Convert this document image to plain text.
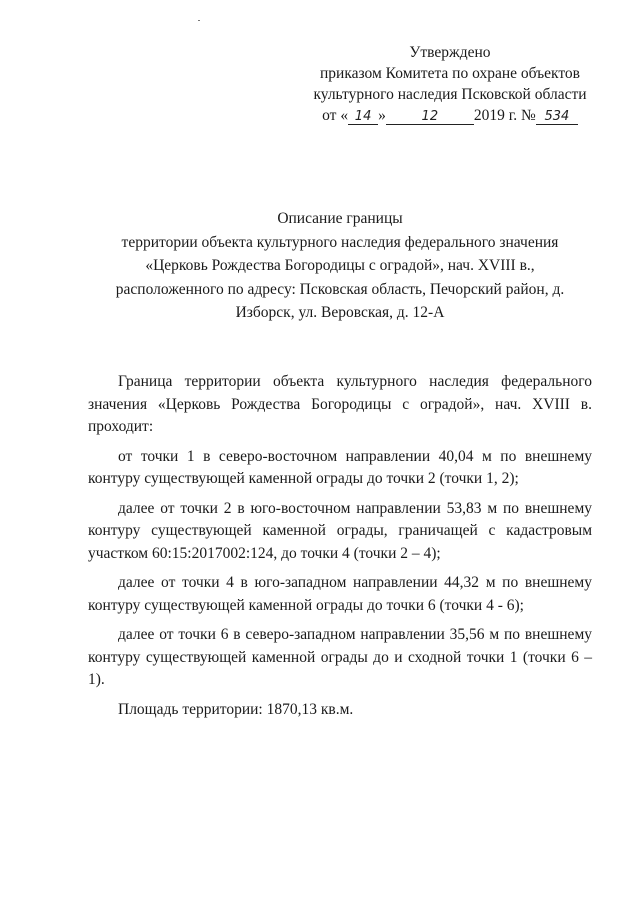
Утверждено
приказом Комитета по охране объектов
культурного наследия Псковской области
от « 14 »	12 2019 г. № 534
Описание границы
территории объекта культурного наследия федерального значения
«Церковь Рождества Богородицы с оградой», нач. XVIII в.,
расположенного по адресу: Псковская область, Печорский район, д.
Изборск, ул. Веровская, д. 12-А

Граница территории объекта культурного наследия федерального значения «Церковь Рождества Богородицы с оградой», нач. XVIII в. проходит:

от точки 1 в северо-восточном направлении 40,04 м по внешнему контуру существующей каменной ограды до точки 2 (точки 1, 2);

далее от точки 2 в юго-восточном направлении 53,83 м по внешнему контуру существующей каменной ограды, граничащей с кадастровым участком 60:15:2017002:124, до точки 4 (точки 2 – 4);

далее от точки 4 в юго-западном направлении 44,32 м по внешнему контуру существующей каменной ограды до точки 6 (точки 4 - 6);

далее от точки 6 в северо-западном направлении 35,56 м по внешнему контуру существующей каменной ограды до и сходной точки 1 (точки 6 – 1).

Площадь территории: 1870,13 кв.м.
